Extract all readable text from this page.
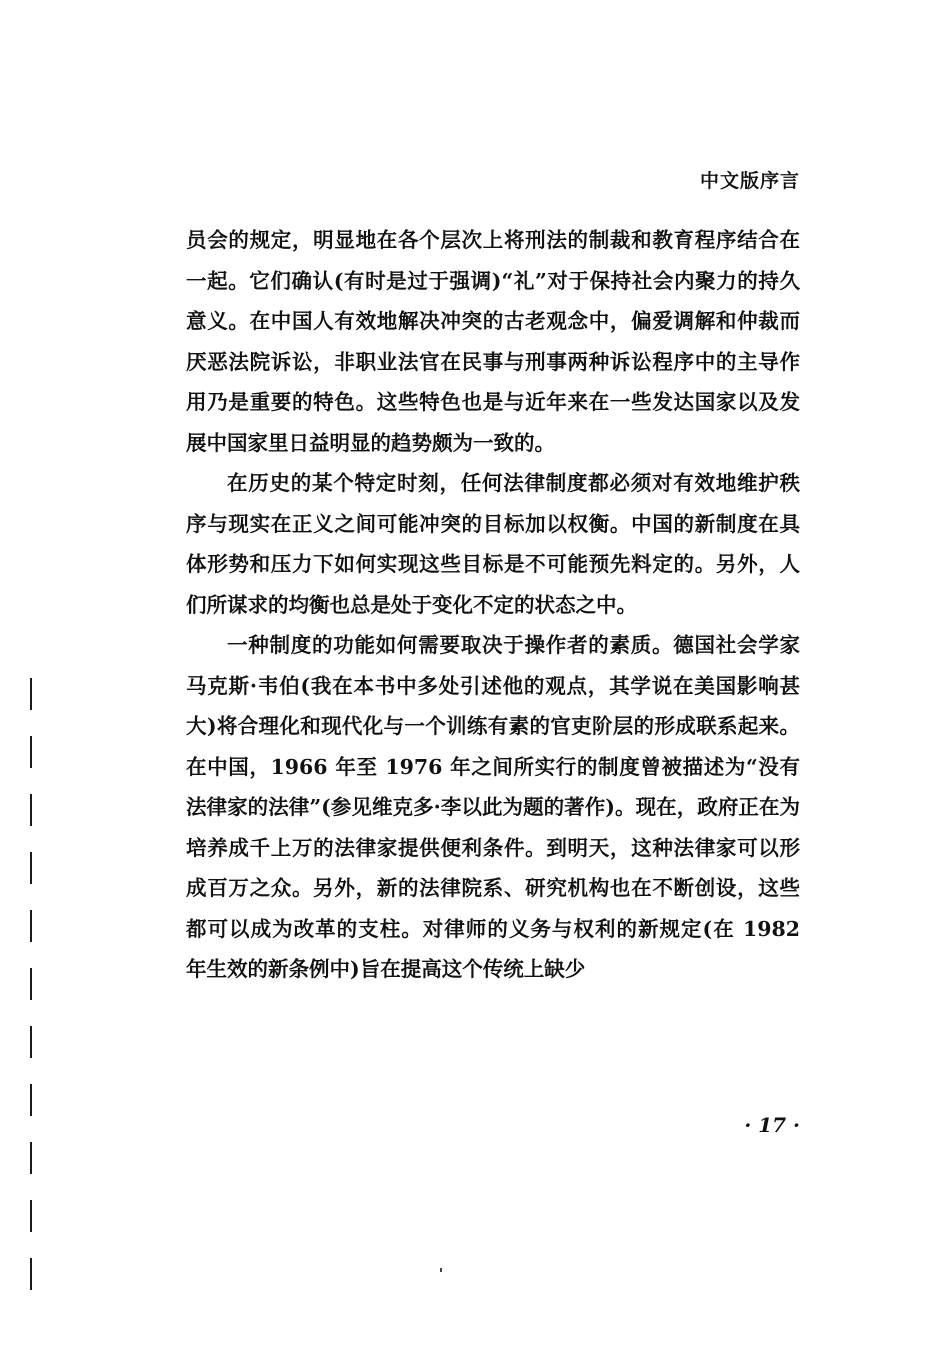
中文版序言

员会的规定，明显地在各个层次上将刑法的制裁和教育程序结合在一起。它们确认(有时是过于强调)“礼”对于保持社会内聚力的持久意义。在中国人有效地解决冲突的古老观念中，偏爱调解和仲裁而厌恶法院诉讼，非职业法官在民事与刑事两种诉讼程序中的主导作用乃是重要的特色。这些特色也是与近年来在一些发达国家以及发展中国家里日益明显的趋势颇为一致的。

在历史的某个特定时刻，任何法律制度都必须对有效地维护秩序与现实在正义之间可能冲突的目标加以权衡。中国的新制度在具体形势和压力下如何实现这些目标是不可能预先料定的。另外，人们所谋求的均衡也总是处于变化不定的状态之中。

一种制度的功能如何需要取决于操作者的素质。德国社会学家马克斯·韦伯(我在本书中多处引述他的观点，其学说在美国影响甚大)将合理化和现代化与一个训练有素的官吏阶层的形成联系起来。在中国，1966 年至 1976 年之间所实行的制度曾被描述为“没有法律家的法律”(参见维克多·李以此为题的著作)。现在，政府正在为培养成千上万的法律家提供便利条件。到明天，这种法律家可以形成百万之众。另外，新的法律院系、研究机构也在不断创设，这些都可以成为改革的支柱。对律师的义务与权利的新规定(在 1982 年生效的新条例中)旨在提高这个传统上缺少

· 17 ·
